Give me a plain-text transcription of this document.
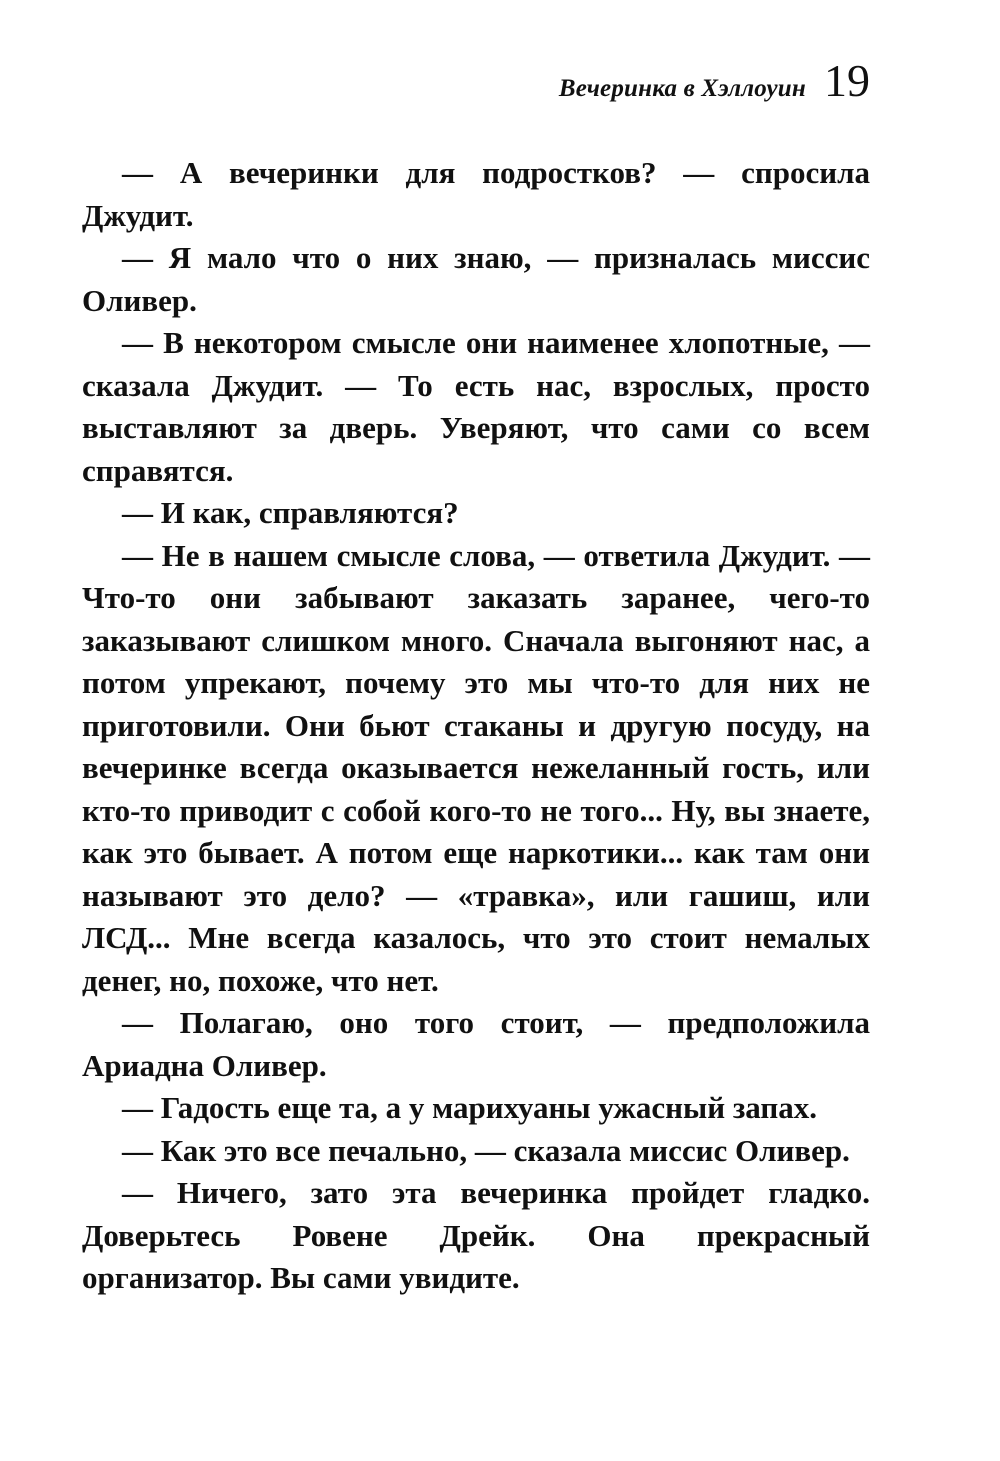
Вечеринка в Хэллоуин 19

— А вечеринки для подростков? — спросила Джудит.

— Я мало что о них знаю, — призналась миссис Оливер.

— В некотором смысле они наименее хлопотные, — сказала Джудит. — То есть нас, взрослых, просто выставляют за дверь. Уверяют, что сами со всем справятся.

— И как, справляются?

— Не в нашем смысле слова, — ответила Джудит. — Что-то они забывают заказать заранее, чего-то заказывают слишком много. Сначала выгоняют нас, а потом упрекают, почему это мы что-то для них не приготовили. Они бьют стаканы и другую посуду, на вечеринке всегда оказывается нежеланный гость, или кто-то приводит с собой кого-то не того... Ну, вы знаете, как это бывает. А потом еще наркотики... как там они называют это дело? — «травка», или гашиш, или ЛСД... Мне всегда казалось, что это стоит немалых денег, но, похоже, что нет.

— Полагаю, оно того стоит, — предположила Ариадна Оливер.

— Гадость еще та, а у марихуаны ужасный запах.

— Как это все печально, — сказала миссис Оливер.

— Ничего, зато эта вечеринка пройдет гладко. Доверьтесь Ровене Дрейк. Она прекрасный организатор. Вы сами увидите.
